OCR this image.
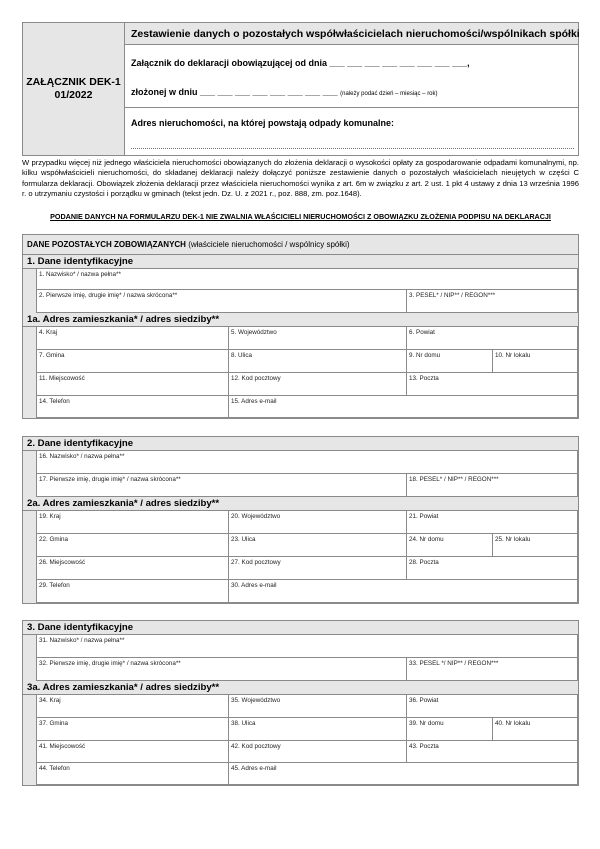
ZAŁĄCZNIK DEK-1
01/2022
Zestawienie danych o pozostałych współwłaścicielach nieruchomości/wspólnikach spółki
Załącznik do deklaracji obowiązującej od dnia ___ ___ ___ ___ ___ ___ ___ ___,
złożonej w dniu ___ ___ ___ ___ ___ ___ ___ ___ (należy podać dzień – miesiąc – rok)
Adres nieruchomości, na której powstają odpady komunalne:
W przypadku więcej niż jednego właściciela nieruchomości obowiązanych do złożenia deklaracji o wysokości opłaty za gospodarowanie odpadami komunalnymi, np. kilku współwłaścicieli nieruchomości, do składanej deklaracji należy dołączyć poniższe zestawienie danych o pozostałych właścicielach nieujętych w części C formularza deklaracji. Obowiązek złożenia deklaracji przez właściciela nieruchomości wynika z art. 6m w związku z art. 2 ust. 1 pkt 4 ustawy z dnia 13 września 1996 r. o utrzymaniu czystości i porządku w gminach (tekst jedn. Dz. U. z 2021 r., poz. 888, zm. poz.1648).
PODANIE DANYCH NA FORMULARZU DEK-1 NIE ZWALNIA WŁAŚCICIELI NIERUCHOMOŚCI Z OBOWIĄZKU ZŁOŻENIA PODPISU NA DEKLARACJI
DANE POZOSTAŁYCH ZOBOWIĄZANYCH (właściciele nieruchomości / wspólnicy spółki)
1. Dane identyfikacyjne
1. Nazwisko* / nazwa pełna**
2. Pierwsze imię, drugie imię* / nazwa skrócona**	3. PESEL* / NIP** / REGON***
1a. Adres zamieszkania* / adres siedziby**
4. Kraj	5. Województwo	6. Powiat
7. Gmina	8. Ulica	9. Nr domu	10. Nr lokalu
11. Miejscowość	12. Kod pocztowy	13. Poczta
14. Telefon	15. Adres e-mail
2. Dane identyfikacyjne
16. Nazwisko* / nazwa pełna**
17. Pierwsze imię, drugie imię* / nazwa skrócona**	18. PESEL* / NIP** / REGON***
2a. Adres zamieszkania* / adres siedziby**
19. Kraj	20. Województwo	21. Powiat
22. Gmina	23. Ulica	24. Nr domu	25. Nr lokalu
26. Miejscowość	27. Kod pocztowy	28. Poczta
29. Telefon	30. Adres e-mail
3. Dane identyfikacyjne
31. Nazwisko* / nazwa pełna**
32. Pierwsze imię, drugie imię* / nazwa skrócona**	33. PESEL */ NIP** / REGON***
3a. Adres zamieszkania* / adres siedziby**
34. Kraj	35. Województwo	36. Powiat
37. Gmina	38. Ulica	39. Nr domu	40. Nr lokalu
41. Miejscowość	42. Kod pocztowy	43. Poczta
44. Telefon	45. Adres e-mail
